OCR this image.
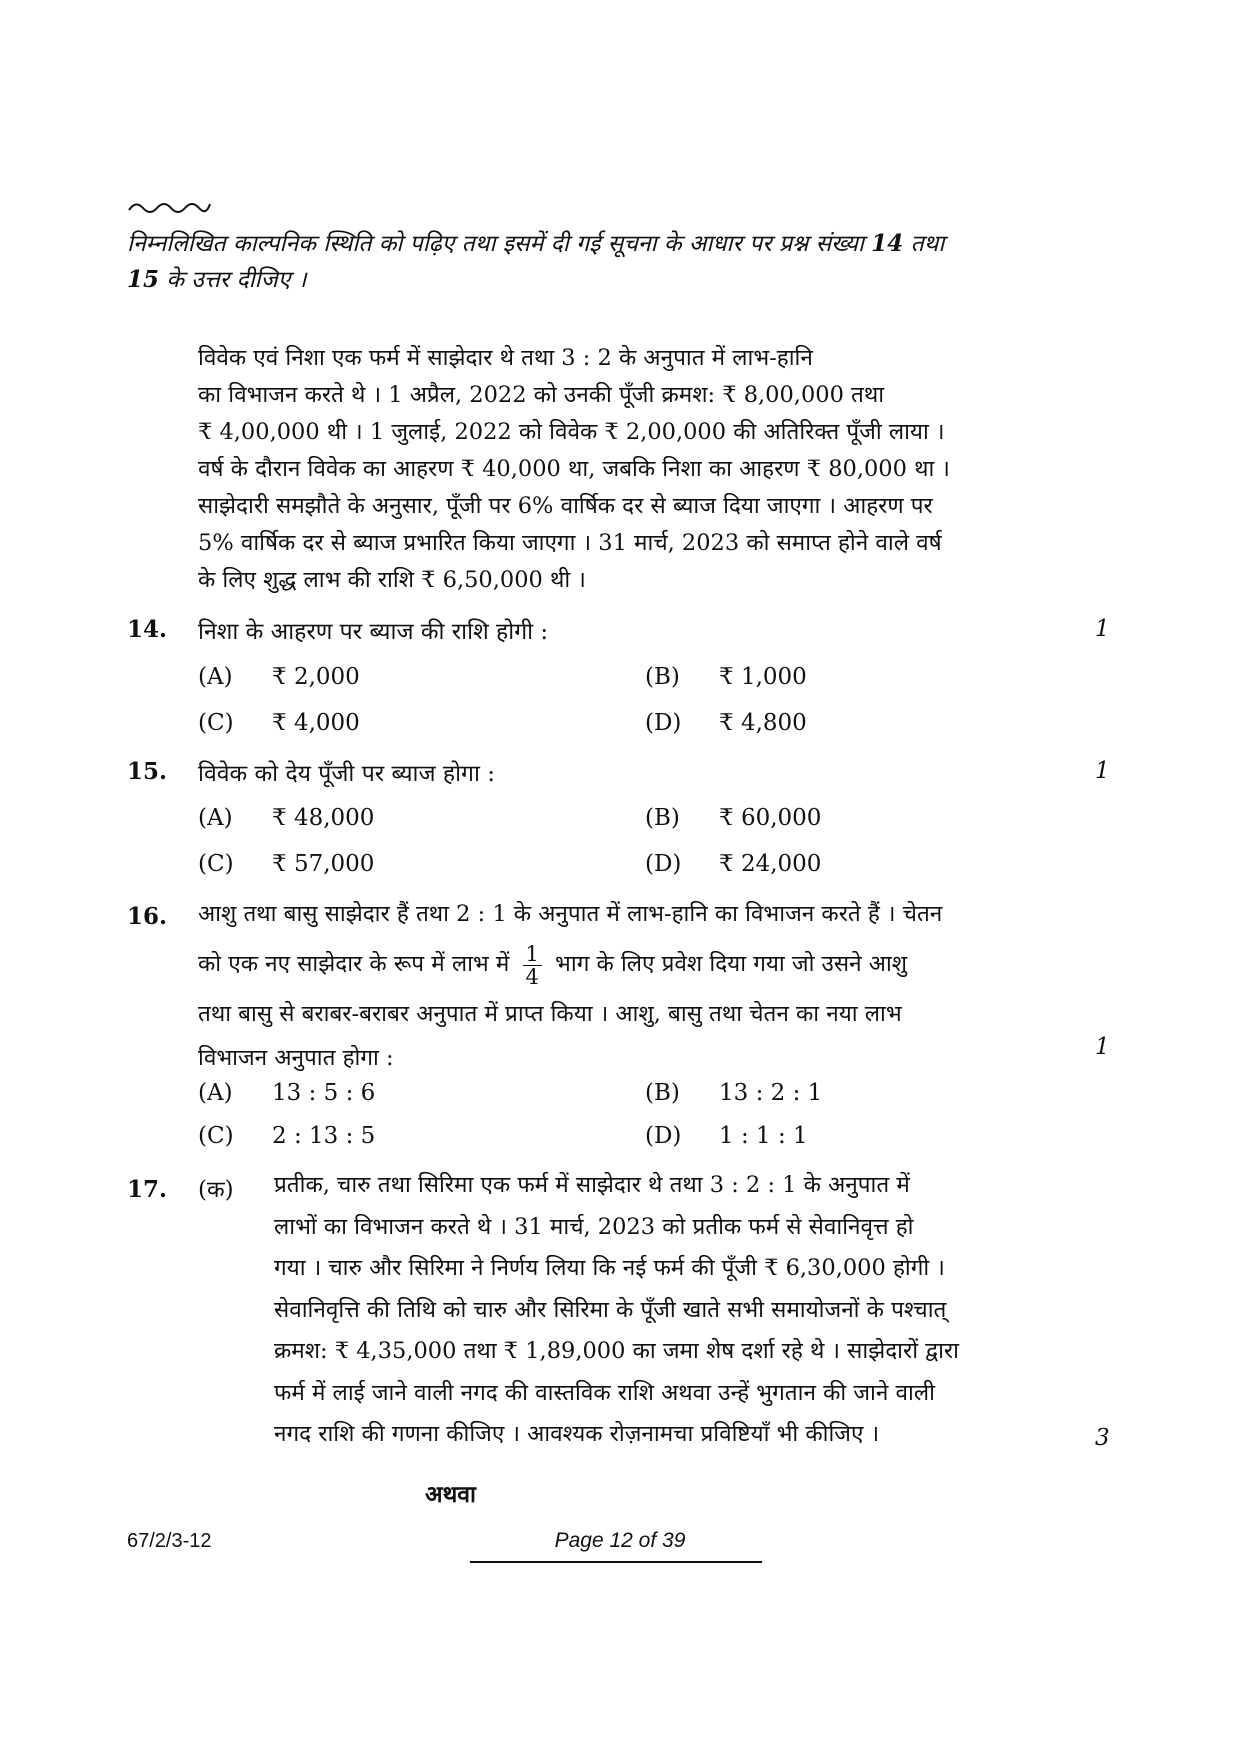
निम्नलिखित काल्पनिक स्थिति को पढ़िए तथा इसमें दी गई सूचना के आधार पर प्रश्न संख्या 14 तथा
15 के उत्तर दीजिए ।
विवेक एवं निशा एक फर्म में साझेदार थे तथा 3 : 2 के अनुपात में लाभ-हानि
का विभाजन करते थे । 1 अप्रैल, 2022 को उनकी पूँजी क्रमश: ₹ 8,00,000 तथा
₹ 4,00,000 थी । 1 जुलाई, 2022 को विवेक ₹ 2,00,000 की अतिरिक्त पूँजी लाया ।
वर्ष के दौरान विवेक का आहरण ₹ 40,000 था, जबकि निशा का आहरण ₹ 80,000 था ।
साझेदारी समझौते के अनुसार, पूँजी पर 6% वार्षिक दर से ब्याज दिया जाएगा । आहरण पर
5% वार्षिक दर से ब्याज प्रभारित किया जाएगा । 31 मार्च, 2023 को समाप्त होने वाले वर्ष
के लिए शुद्ध लाभ की राशि ₹ 6,50,000 थी ।
14. निशा के आहरण पर ब्याज की राशि होगी :	1
(A) ₹ 2,000	(B) ₹ 1,000
(C) ₹ 4,000	(D) ₹ 4,800
15. विवेक को देय पूँजी पर ब्याज होगा :	1
(A) ₹ 48,000	(B) ₹ 60,000
(C) ₹ 57,000	(D) ₹ 24,000
16. आशु तथा बासु साझेदार हैं तथा 2 : 1 के अनुपात में लाभ-हानि का विभाजन करते हैं । चेतन
को एक नए साझेदार के रूप में लाभ में $\frac{1}{4}$ भाग के लिए प्रवेश दिया गया जो उसने आशु
तथा बासु से बराबर-बराबर अनुपात में प्राप्त किया । आशु, बासु तथा चेतन का नया लाभ
विभाजन अनुपात होगा :	1
(A) 13 : 5 : 6	(B) 13 : 2 : 1
(C) 2 : 13 : 5	(D) 1 : 1 : 1
17. (क) प्रतीक, चारु तथा सिरिमा एक फर्म में साझेदार थे तथा 3 : 2 : 1 के अनुपात में
लाभों का विभाजन करते थे । 31 मार्च, 2023 को प्रतीक फर्म से सेवानिवृत्त हो
गया । चारु और सिरिमा ने निर्णय लिया कि नई फर्म की पूँजी ₹ 6,30,000 होगी ।
सेवानिवृत्ति की तिथि को चारु और सिरिमा के पूँजी खाते सभी समायोजनों के पश्चात्
क्रमश: ₹ 4,35,000 तथा ₹ 1,89,000 का जमा शेष दर्शा रहे थे । साझेदारों द्वारा
फर्म में लाई जाने वाली नगद की वास्तविक राशि अथवा उन्हें भुगतान की जाने वाली
नगद राशि की गणना कीजिए । आवश्यक रोज़नामचा प्रविष्टियाँ भी कीजिए ।	3
अथवा
67/2/3-12	Page 12 of 39
